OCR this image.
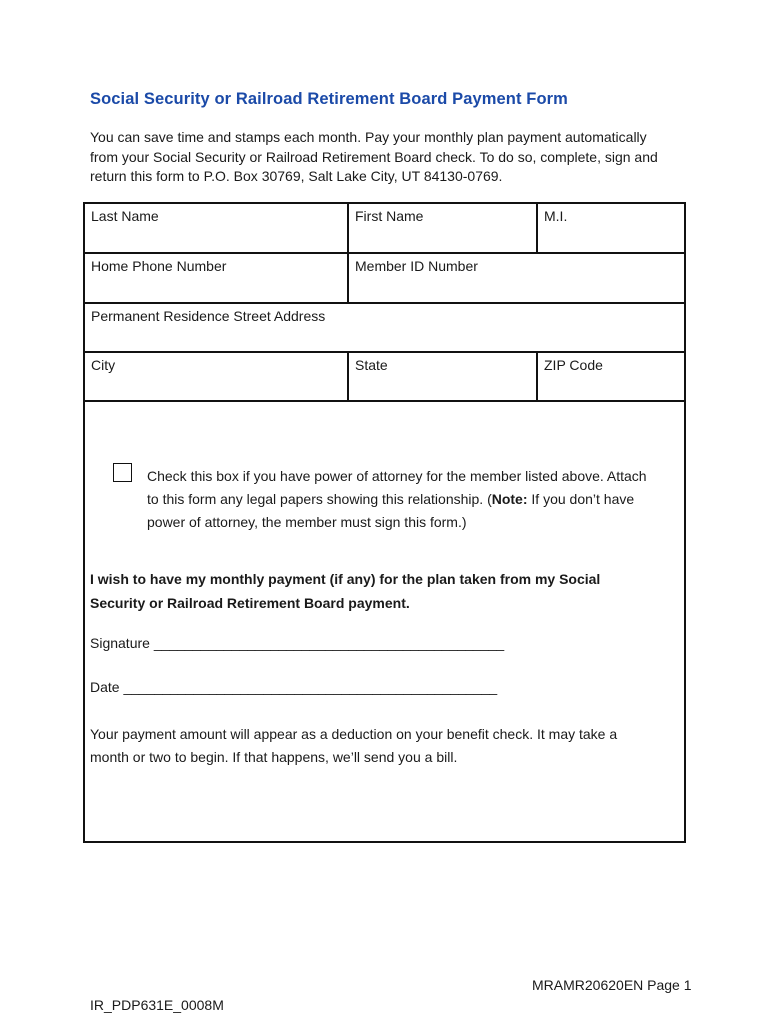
Social Security or Railroad Retirement Board Payment Form
You can save time and stamps each month. Pay your monthly plan payment automatically
from your Social Security or Railroad Retirement Board check. To do so, complete, sign and
return this form to P.O. Box 30769, Salt Lake City, UT 84130-0769.
Last Name	First Name	M.I.
Home Phone Number	Member ID Number
Permanent Residence Street Address
City	State	ZIP Code
Check this box if you have power of attorney for the member listed above. Attach
to this form any legal papers showing this relationship. (Note: If you don’t have
power of attorney, the member must sign this form.)
I wish to have my monthly payment (if any) for the plan taken from my Social
Security or Railroad Retirement Board payment.
Signature _____________________________________________
Date ________________________________________________
Your payment amount will appear as a deduction on your benefit check. It may take a
month or two to begin. If that happens, we’ll send you a bill.
MRAMR20620EN Page 1
IR_PDP631E_0008M
